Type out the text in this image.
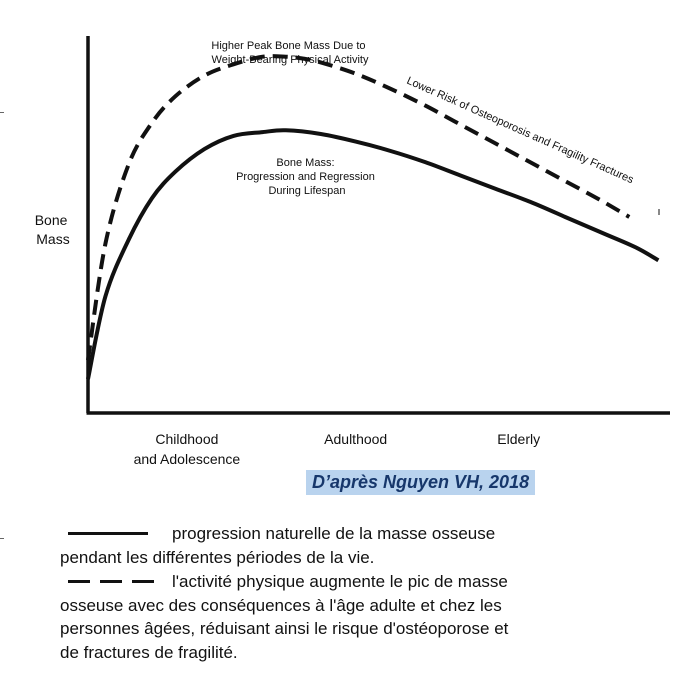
Bone Mass
Childhood and Adolescence
Adulthood	Elderly
Higher Peak Bone Mass Due to Weight-Bearing Physical Activity
Lower Risk of Osteoporosis and Fragility Fractures
Bone Mass: Progression and Regression During Lifespan
D’après Nguyen VH, 2018

progression naturelle de la masse osseuse
pendant les différentes périodes de la vie.

l'activité physique augmente le pic de masse
osseuse avec des conséquences à l'âge adulte et chez les
personnes âgées, réduisant ainsi le risque d'ostéoporose et
de fractures de fragilité.
